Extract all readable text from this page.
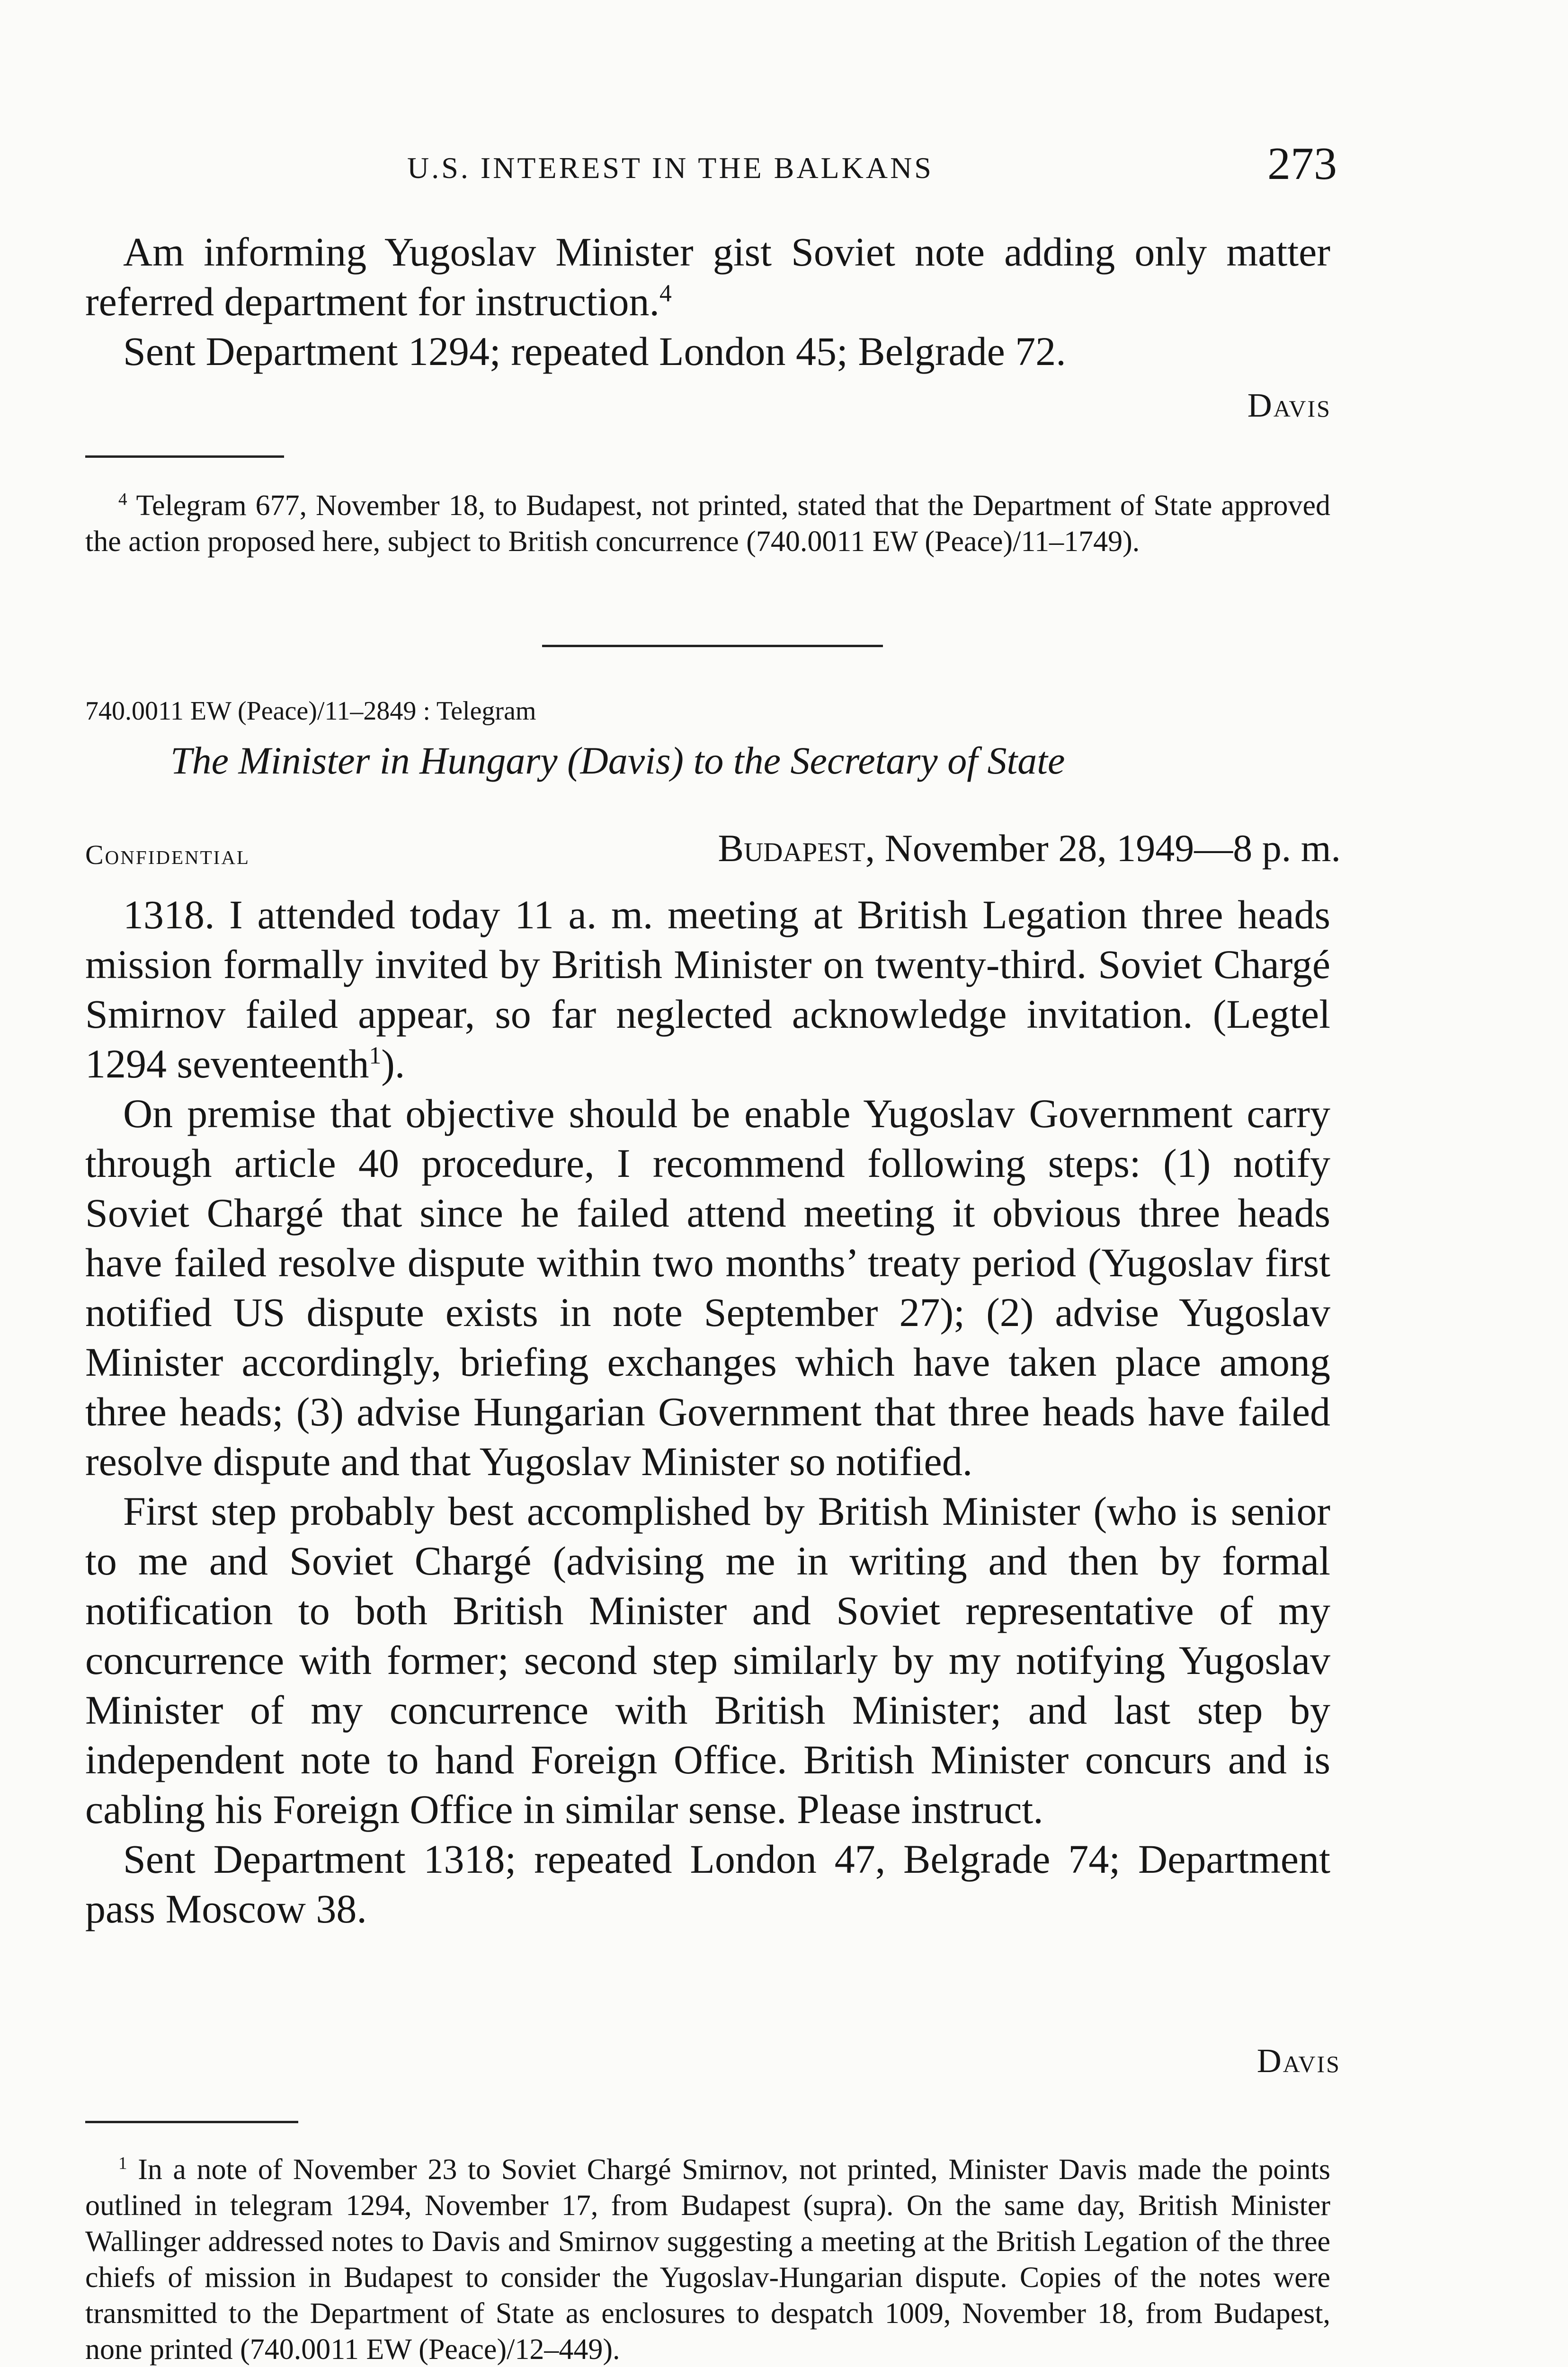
U.S. INTEREST IN THE BALKANS	273

Am informing Yugoslav Minister gist Soviet note adding only matter referred department for instruction.$^4$

Sent Department 1294; repeated London 45; Belgrade 72.

Davis
$^4$ Telegram 677, November 18, to Budapest, not printed, stated that the Department of State approved the action proposed here, subject to British concurrence (740.0011 EW (Peace)/11–1749).
740.0011 EW (Peace)/11–2849 : Telegram
The Minister in Hungary (Davis) to the Secretary of State
Confidential	Budapest, November 28, 1949—8 p. m.

1318. I attended today 11 a. m. meeting at British Legation three heads mission formally invited by British Minister on twenty-third. Soviet Chargé Smirnov failed appear, so far neglected acknowledge invitation. (Legtel 1294 seventeenth$^1$).

On premise that objective should be enable Yugoslav Government carry through article 40 procedure, I recommend following steps: (1) notify Soviet Chargé that since he failed attend meeting it obvious three heads have failed resolve dispute within two months’ treaty period (Yugoslav first notified US dispute exists in note September 27); (2) advise Yugoslav Minister accordingly, briefing exchanges which have taken place among three heads; (3) advise Hungarian Government that three heads have failed resolve dispute and that Yugoslav Minister so notified.

First step probably best accomplished by British Minister (who is senior to me and Soviet Chargé (advising me in writing and then by formal notification to both British Minister and Soviet representative of my concurrence with former; second step similarly by my notifying Yugoslav Minister of my concurrence with British Minister; and last step by independent note to hand Foreign Office. British Minister concurs and is cabling his Foreign Office in similar sense. Please instruct.

Sent Department 1318; repeated London 47, Belgrade 74; Department pass Moscow 38.

Davis
$^1$ In a note of November 23 to Soviet Chargé Smirnov, not printed, Minister Davis made the points outlined in telegram 1294, November 17, from Budapest (supra). On the same day, British Minister Wallinger addressed notes to Davis and Smirnov suggesting a meeting at the British Legation of the three chiefs of mission in Budapest to consider the Yugoslav-Hungarian dispute. Copies of the notes were transmitted to the Department of State as enclosures to despatch 1009, November 18, from Budapest, none printed (740.0011 EW (Peace)/12–449).
